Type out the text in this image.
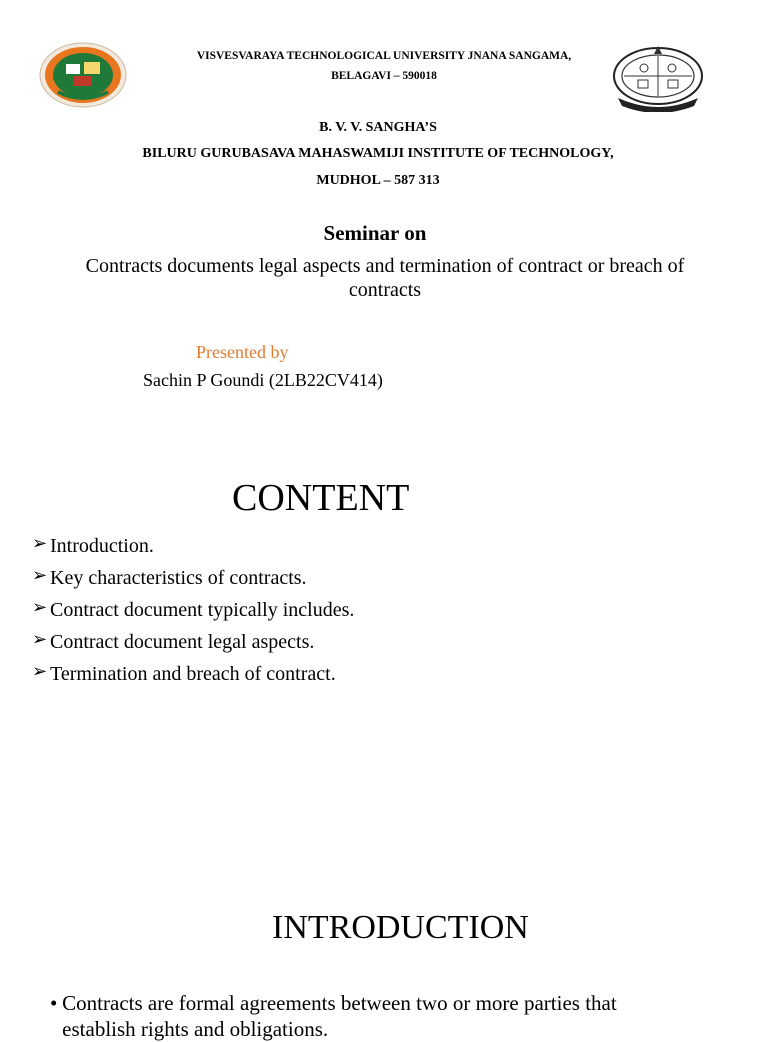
VISVESVARAYA TECHNOLOGICAL UNIVERSITY JNANA SANGAMA,
BELAGAVI – 590018
B. V. V. SANGHA’S
BILURU GURUBASAVA MAHASWAMIJI INSTITUTE OF TECHNOLOGY,
MUDHOL – 587 313
Seminar on
Contracts documents legal aspects and termination of contract or breach of contracts
Presented by
Sachin P Goundi (2LB22CV414)
CONTENT
➢ Introduction.
➢ Key characteristics of contracts.
➢ Contract document typically includes.
➢ Contract document legal aspects.
➢ Termination and breach of contract.
INTRODUCTION
• Contracts are formal agreements between two or more parties that establish rights and obligations.
